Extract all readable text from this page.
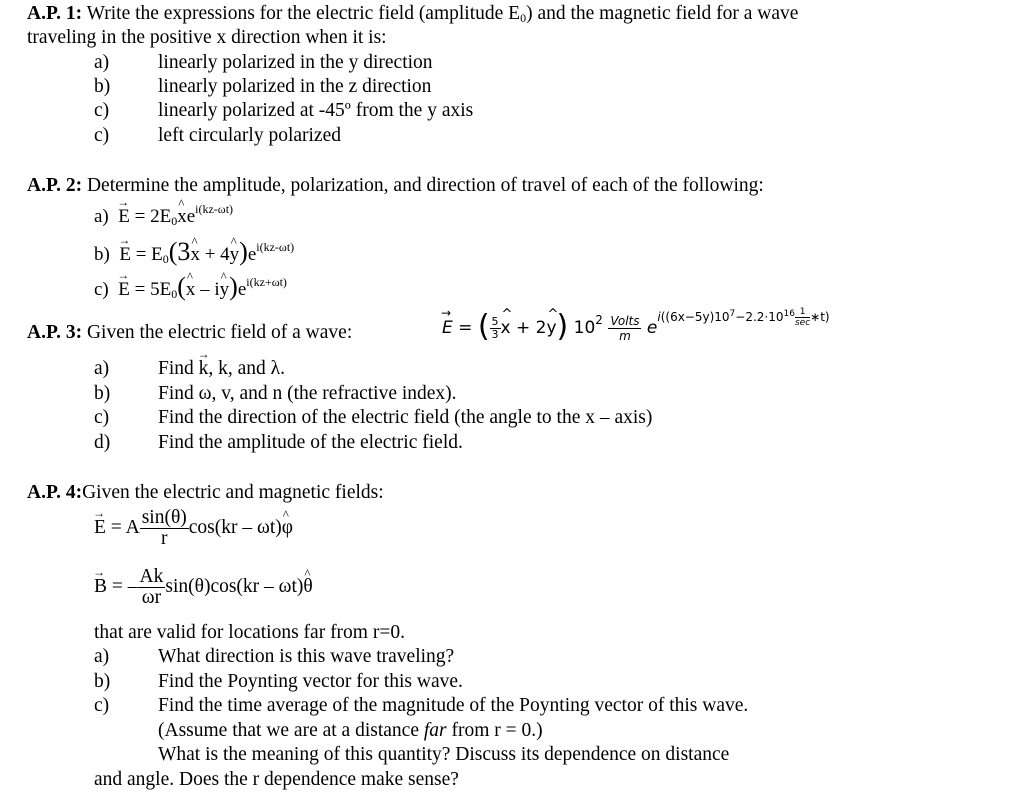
A.P. 1: Write the expressions for the electric field (amplitude $E_0$) and the magnetic field for a wave
traveling in the positive x direction when it is:
a)	linearly polarized in the y direction
b) linearly polarized in the z direction
c)	linearly polarized at -45º from the y axis
c)	left circularly polarized
A.P. 2: Determine the amplitude, polarization, and direction of travel of each of the following:
a) E → = $2E_0x$ $\^{}e^{i(kz-\omega t)}$
b) E → = $E_0(3x$ ^ + 4y $\^{})e^{i(kz-\omega t)}$
c) E → = $5E_0(x$ ^ – iy $\^{})e^{i(kz+\omega t)}$
A.P. 3: Given the electric field of a wave:	E → = ( $\frac{5}{3}$ x ^ + 2y ^) $10^2 \frac{\text{Volts}}{m} e^{i((6x-5y)10^7-2.2\cdot 10^{16} \frac{1}{\sec} ∗t)}$
a)	Find k →, k, and λ.
b) Find ω, v, and n (the refractive index).
c)	Find the direction of the electric field (the angle to the x – axis)
d) Find the amplitude of the electric field.
A.P. 4:Given the electric and magnetic fields:
E → = A $\frac{\sin(\theta)}{r} \cos(kr - \omega t)\varphi$ ^
B → = – $\frac{Ak}{\omega r} \sin(\theta)\cos(kr - \omega t)\theta$ ^
that are valid for locations far from r=0.
a)	What direction is this wave traveling?
b) Find the Poynting vector for this wave.
c)	Find the time average of the magnitude of the Poynting vector of this wave.
(Assume that we are at a distance far from r = 0.)
What is the meaning of this quantity? Discuss its dependence on distance
and angle. Does the r dependence make sense?
